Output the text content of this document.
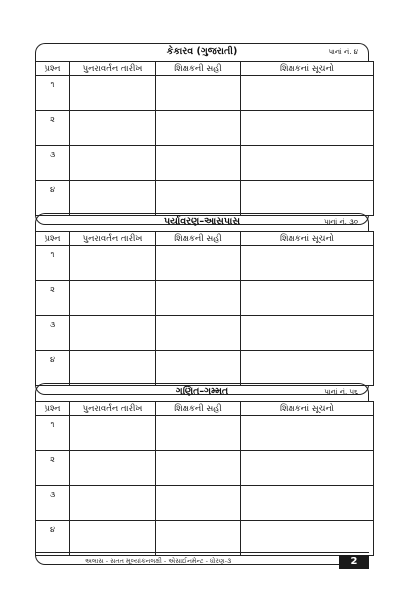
કેકારવ (ગુજરાતી)	પાનાં નં. ૪
પ્રશ્ન	પુનરાવર્તન તારીખ	શિક્ષકની સહી	શિક્ષકનાં સૂચનો
૧			
૨			
૩			
૪			
પર્યાવરણ–આસપાસ	પાનાં નં. ૩૦
પ્રશ્ન	પુનરાવર્તન તારીખ	શિક્ષકની સહી	શિક્ષકનાં સૂચનો
૧			
૨			
૩			
૪			
ગણિત–ગમ્મત	પાનાં નં. ૫૬
પ્રશ્ન	પુનરાવર્તન તારીખ	શિક્ષકની સહી	શિક્ષકનાં સૂચનો
૧			
૨			
૩			
૪			
અલાસ - સતત મૂલ્યાંકનલક્ષી - એસાઈનમેન્ટ - ધોરણ-૩	2
